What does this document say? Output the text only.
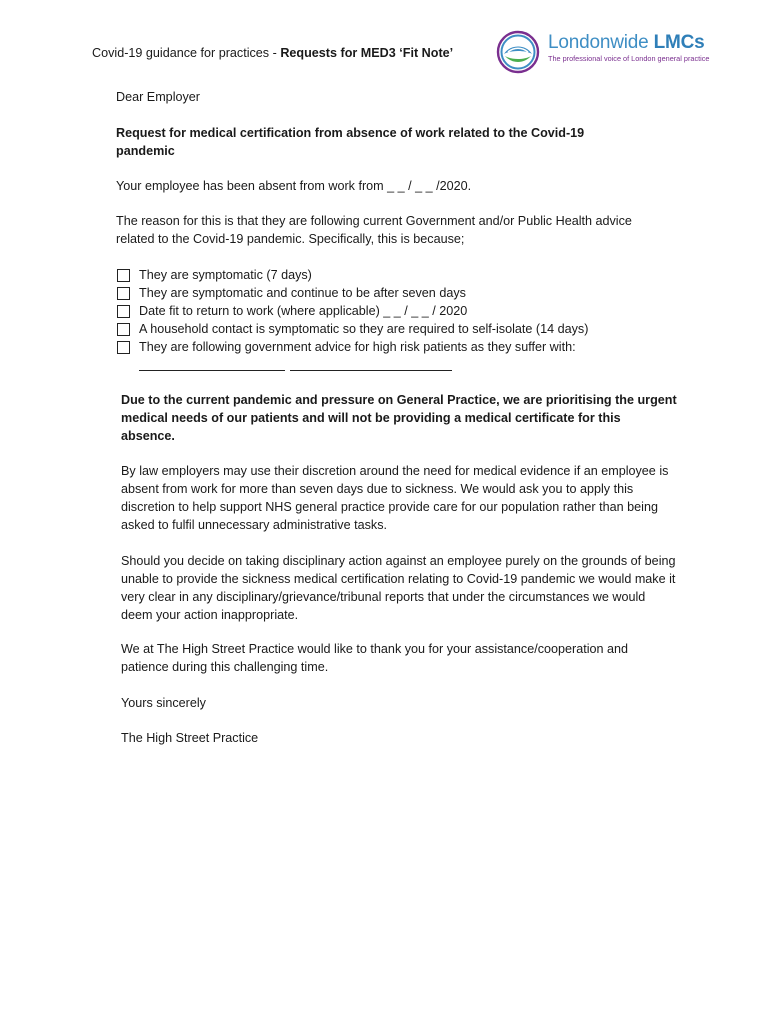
Covid-19 guidance for practices - Requests for MED3 ‘Fit Note’	Londonwide LMCs
The professional voice of London general practice
Dear Employer
Request for medical certification from absence of work related to the Covid-19 pandemic
Your employee has been absent from work from _ _ / _ _ /2020.
The reason for this is that they are following current Government and/or Public Health advice related to the Covid-19 pandemic. Specifically, this is because;
They are symptomatic (7 days)
They are symptomatic and continue to be after seven days
Date fit to return to work (where applicable) _ _ / _ _ / 2020
A household contact is symptomatic so they are required to self-isolate (14 days)
They are following government advice for high risk patients as they suffer with:
Due to the current pandemic and pressure on General Practice, we are prioritising the urgent medical needs of our patients and will not be providing a medical certificate for this absence.
By law employers may use their discretion around the need for medical evidence if an employee is absent from work for more than seven days due to sickness. We would ask you to apply this discretion to help support NHS general practice provide care for our population rather than being asked to fulfil unnecessary administrative tasks.
Should you decide on taking disciplinary action against an employee purely on the grounds of being unable to provide the sickness medical certification relating to Covid-19 pandemic we would make it very clear in any disciplinary/grievance/tribunal reports that under the circumstances we would deem your action inappropriate.
We at The High Street Practice would like to thank you for your assistance/cooperation and patience during this challenging time.
Yours sincerely
The High Street Practice
